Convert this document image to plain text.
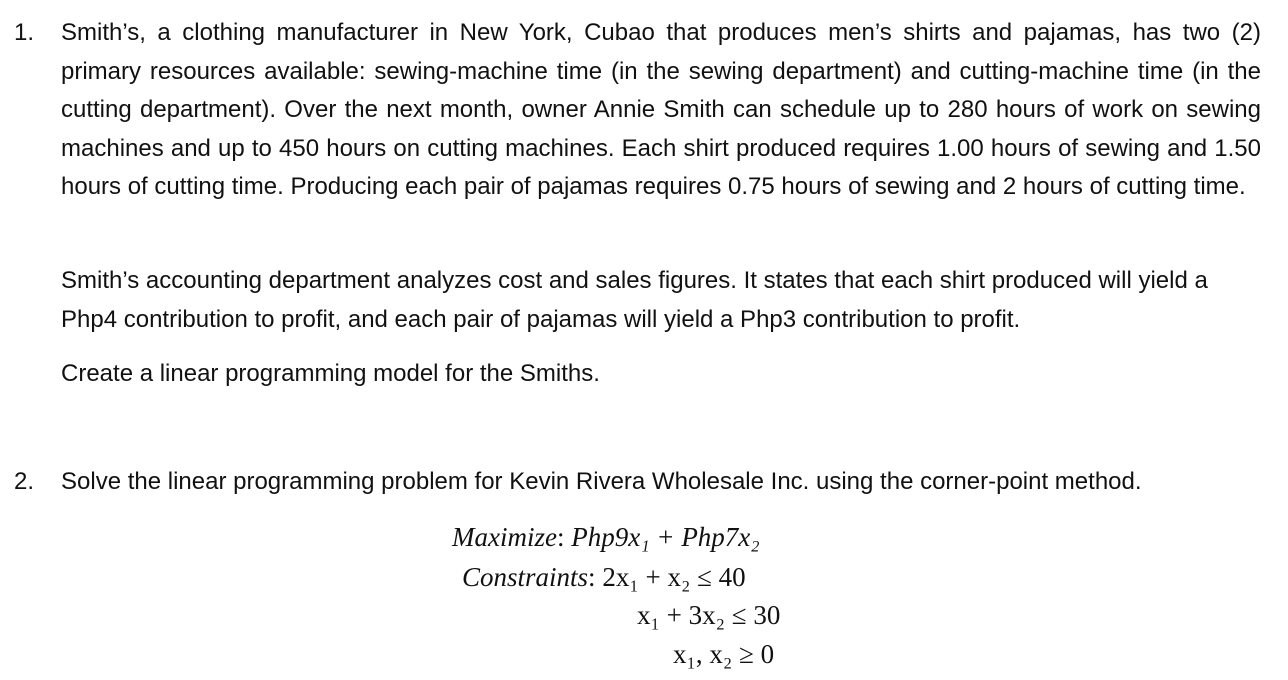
1. Smith’s, a clothing manufacturer in New York, Cubao that produces men’s shirts and pajamas, has two (2) primary resources available: sewing-machine time (in the sewing department) and cutting-machine time (in the cutting department). Over the next month, owner Annie Smith can schedule up to 280 hours of work on sewing machines and up to 450 hours on cutting machines. Each shirt produced requires 1.00 hours of sewing and 1.50 hours of cutting time. Producing each pair of pajamas requires 0.75 hours of sewing and 2 hours of cutting time.
Smith’s accounting department analyzes cost and sales figures. It states that each shirt produced will yield a Php4 contribution to profit, and each pair of pajamas will yield a Php3 contribution to profit.
Create a linear programming model for the Smiths.
2. Solve the linear programming problem for Kevin Rivera Wholesale Inc. using the corner-point method.
Maximize: Php9x₁ + Php7x₂
Constraints: 2x₁ + x₂ ≤ 40
x₁ + 3x₂ ≤ 30
x₁, x₂ ≥ 0
